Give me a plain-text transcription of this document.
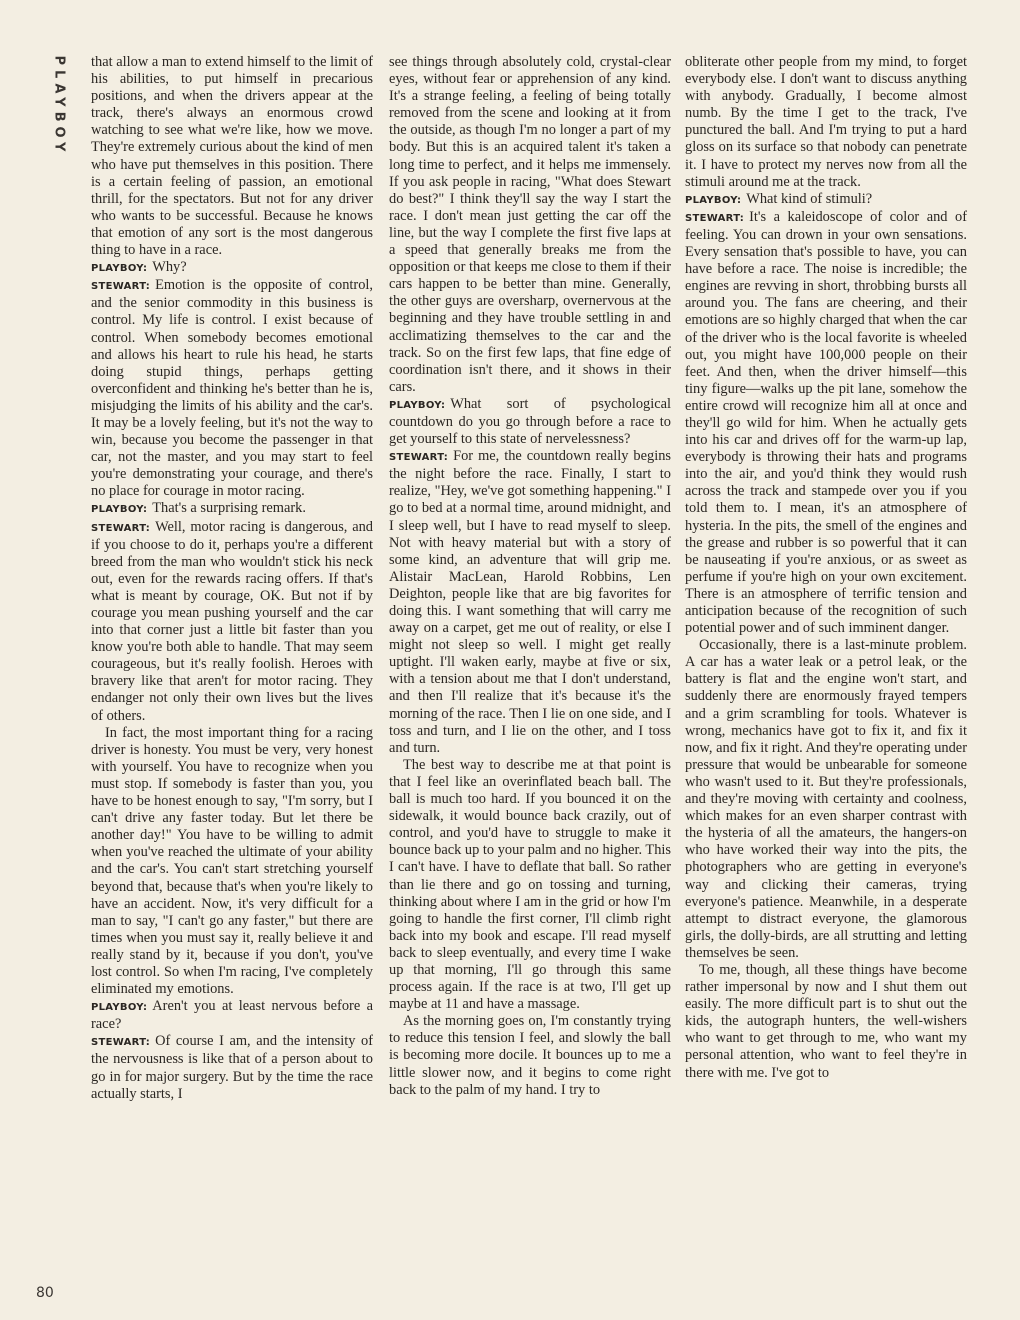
PLAYBOY that allow a man to extend himself to the limit of his abilities, to put himself in precarious positions, and when the drivers appear at the track, there's always an enormous crowd watching to see what we're like, how we move. They're extremely curious about the kind of men who have put themselves in this position. There is a certain feeling of passion, an emotional thrill, for the spectators. But not for any driver who wants to be successful. Because he knows that emotion of any sort is the most dangerous thing to have in a race.

PLAYBOY: Why?

STEWART: Emotion is the opposite of control, and the senior commodity in this business is control. My life is control. I exist because of control. When somebody becomes emotional and allows his heart to rule his head, he starts doing stupid things, perhaps getting overconfident and thinking he's better than he is, misjudging the limits of his ability and the car's. It may be a lovely feeling, but it's not the way to win, because you become the passenger in that car, not the master, and you may start to feel you're demonstrating your courage, and there's no place for courage in motor racing.

PLAYBOY: That's a surprising remark.

STEWART: Well, motor racing is dangerous, and if you choose to do it, perhaps you're a different breed from the man who wouldn't stick his neck out, even for the rewards racing offers. If that's what is meant by courage, OK. But not if by courage you mean pushing yourself and the car into that corner just a little bit faster than you know you're both able to handle. That may seem courageous, but it's really foolish. Heroes with bravery like that aren't for motor racing. They endanger not only their own lives but the lives of others.

In fact, the most important thing for a racing driver is honesty. You must be very, very honest with yourself. You have to recognize when you must stop. If somebody is faster than you, you have to be honest enough to say, "I'm sorry, but I can't drive any faster today. But let there be another day!" You have to be willing to admit when you've reached the ultimate of your ability and the car's. You can't start stretching yourself beyond that, because that's when you're likely to have an accident. Now, it's very difficult for a man to say, "I can't go any faster," but there are times when you must say it, really believe it and really stand by it, because if you don't, you've lost control. So when I'm racing, I've completely eliminated my emotions.

PLAYBOY: Aren't you at least nervous before a race?

STEWART: Of course I am, and the intensity of the nervousness is like that of a person about to go in for major surgery. But by the time the race actually starts, I

see things through absolutely cold, crystal-clear eyes, without fear or apprehension of any kind. It's a strange feeling, a feeling of being totally removed from the scene and looking at it from the outside, as though I'm no longer a part of my body. But this is an acquired talent it's taken a long time to perfect, and it helps me immensely. If you ask people in racing, "What does Stewart do best?" I think they'll say the way I start the race. I don't mean just getting the car off the line, but the way I complete the first five laps at a speed that generally breaks me from the opposition or that keeps me close to them if their cars happen to be better than mine. Generally, the other guys are oversharp, overnervous at the beginning and they have trouble settling in and acclimatizing themselves to the car and the track. So on the first few laps, that fine edge of coordination isn't there, and it shows in their cars.

PLAYBOY: What sort of psychological countdown do you go through before a race to get yourself to this state of nervelessness?

STEWART: For me, the countdown really begins the night before the race. Finally, I start to realize, "Hey, we've got something happening." I go to bed at a normal time, around midnight, and I sleep well, but I have to read myself to sleep. Not with heavy material but with a story of some kind, an adventure that will grip me. Alistair MacLean, Harold Robbins, Len Deighton, people like that are big favorites for doing this. I want something that will carry me away on a carpet, get me out of reality, or else I might not sleep so well. I might get really uptight. I'll waken early, maybe at five or six, with a tension about me that I don't understand, and then I'll realize that it's because it's the morning of the race. Then I lie on one side, and I toss and turn, and I lie on the other, and I toss and turn.

The best way to describe me at that point is that I feel like an overinflated beach ball. The ball is much too hard. If you bounced it on the sidewalk, it would bounce back crazily, out of control, and you'd have to struggle to make it bounce back up to your palm and no higher. This I can't have. I have to deflate that ball. So rather than lie there and go on tossing and turning, thinking about where I am in the grid or how I'm going to handle the first corner, I'll climb right back into my book and escape. I'll read myself back to sleep eventually, and every time I wake up that morning, I'll go through this same process again. If the race is at two, I'll get up maybe at 11 and have a massage.

As the morning goes on, I'm constantly trying to reduce this tension I feel, and slowly the ball is becoming more docile. It bounces up to me a little slower now, and it begins to come right back to the palm of my hand. I try to

obliterate other people from my mind, to forget everybody else. I don't want to discuss anything with anybody. Gradually, I become almost numb. By the time I get to the track, I've punctured the ball. And I'm trying to put a hard gloss on its surface so that nobody can penetrate it. I have to protect my nerves now from all the stimuli around me at the track.

PLAYBOY: What kind of stimuli?

STEWART: It's a kaleidoscope of color and of feeling. You can drown in your own sensations. Every sensation that's possible to have, you can have before a race. The noise is incredible; the engines are revving in short, throbbing bursts all around you. The fans are cheering, and their emotions are so highly charged that when the car of the driver who is the local favorite is wheeled out, you might have 100,000 people on their feet. And then, when the driver himself—this tiny figure—walks up the pit lane, somehow the entire crowd will recognize him all at once and they'll go wild for him. When he actually gets into his car and drives off for the warm-up lap, everybody is throwing their hats and programs into the air, and you'd think they would rush across the track and stampede over you if you told them to. I mean, it's an atmosphere of hysteria. In the pits, the smell of the engines and the grease and rubber is so powerful that it can be nauseating if you're anxious, or as sweet as perfume if you're high on your own excitement. There is an atmosphere of terrific tension and anticipation because of the recognition of such potential power and of such imminent danger.

Occasionally, there is a last-minute problem. A car has a water leak or a petrol leak, or the battery is flat and the engine won't start, and suddenly there are enormously frayed tempers and a grim scrambling for tools. Whatever is wrong, mechanics have got to fix it, and fix it now, and fix it right. And they're operating under pressure that would be unbearable for someone who wasn't used to it. But they're professionals, and they're moving with certainty and coolness, which makes for an even sharper contrast with the hysteria of all the amateurs, the hangers-on who have worked their way into the pits, the photographers who are getting in everyone's way and clicking their cameras, trying everyone's patience. Meanwhile, in a desperate attempt to distract everyone, the glamorous girls, the dolly-birds, are all strutting and letting themselves be seen.

To me, though, all these things have become rather impersonal by now and I shut them out easily. The more difficult part is to shut out the kids, the autograph hunters, the well-wishers who want to get through to me, who want my personal attention, who want to feel they're in there with me. I've got to

80
